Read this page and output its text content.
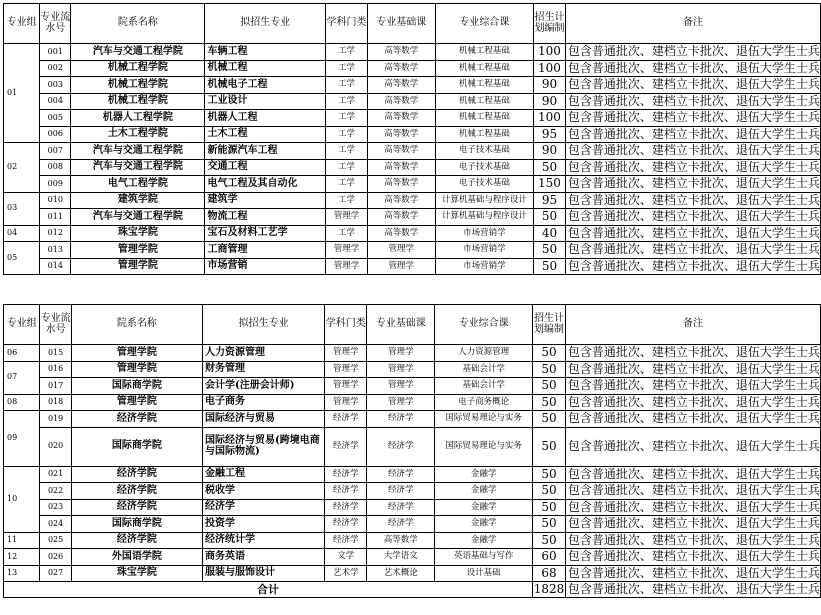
专业组	专业流水号	院系名称	拟招生专业	学科门类	专业基础课	专业综合课	招生计划编制	备注
01	001	汽车与交通工程学院	车辆工程	工学	高等数学	机械工程基础	100	包含普通批次、建档立卡批次、退伍大学生士兵
	002	机械工程学院	机械工程	工学	高等数学	机械工程基础	100	包含普通批次、建档立卡批次、退伍大学生士兵
	003	机械工程学院	机械电子工程	工学	高等数学	机械工程基础	90	包含普通批次、建档立卡批次、退伍大学生士兵
	004	机械工程学院	工业设计	工学	高等数学	机械工程基础	90	包含普通批次、建档立卡批次、退伍大学生士兵
	005	机器人工程学院	机器人工程	工学	高等数学	机械工程基础	100	包含普通批次、建档立卡批次、退伍大学生士兵
	006	土木工程学院	土木工程	工学	高等数学	机械工程基础	95	包含普通批次、建档立卡批次、退伍大学生士兵
02	007	汽车与交通工程学院	新能源汽车工程	工学	高等数学	电子技术基础	90	包含普通批次、建档立卡批次、退伍大学生士兵
	008	汽车与交通工程学院	交通工程	工学	高等数学	电子技术基础	50	包含普通批次、建档立卡批次、退伍大学生士兵
	009	电气工程学院	电气工程及其自动化	工学	高等数学	电子技术基础	150	包含普通批次、建档立卡批次、退伍大学生士兵
03	010	建筑学院	建筑学	工学	高等数学	计算机基础与程序设计	95	包含普通批次、建档立卡批次、退伍大学生士兵
	011	汽车与交通工程学院	物流工程	管理学	高等数学	计算机基础与程序设计	50	包含普通批次、建档立卡批次、退伍大学生士兵
04	012	珠宝学院	宝石及材料工艺学	工学	高等数学	市场营销学	40	包含普通批次、建档立卡批次、退伍大学生士兵
05	013	管理学院	工商管理	管理学	管理学	市场营销学	50	包含普通批次、建档立卡批次、退伍大学生士兵
	014	管理学院	市场营销	管理学	管理学	市场营销学	50	包含普通批次、建档立卡批次、退伍大学生士兵
专业组	专业流水号	院系名称	拟招生专业	学科门类	专业基础课	专业综合课	招生计划编制	备注
06	015	管理学院	人力资源管理	管理学	管理学	人力资源管理	50	包含普通批次、建档立卡批次、退伍大学生士兵
07	016	管理学院	财务管理	管理学	管理学	基础会计学	50	包含普通批次、建档立卡批次、退伍大学生士兵
	017	国际商学院	会计学(注册会计师)	管理学	管理学	基础会计学	50	包含普通批次、建档立卡批次、退伍大学生士兵
08	018	管理学院	电子商务	管理学	管理学	电子商务概论	50	包含普通批次、建档立卡批次、退伍大学生士兵
09	019	经济学院	国际经济与贸易	经济学	经济学	国际贸易理论与实务	50	包含普通批次、建档立卡批次、退伍大学生士兵
	020	国际商学院	国际经济与贸易(跨境电商与国际物流)	经济学	经济学	国际贸易理论与实务	50	包含普通批次、建档立卡批次、退伍大学生士兵
10	021	经济学院	金融工程	经济学	经济学	金融学	50	包含普通批次、建档立卡批次、退伍大学生士兵
	022	经济学院	税收学	经济学	经济学	金融学	50	包含普通批次、建档立卡批次、退伍大学生士兵
	023	经济学院	经济学	经济学	经济学	金融学	50	包含普通批次、建档立卡批次、退伍大学生士兵
	024	国际商学院	投资学	经济学	经济学	金融学	50	包含普通批次、建档立卡批次、退伍大学生士兵
11	025	经济学院	经济统计学	经济学	高等数学	金融学	50	包含普通批次、建档立卡批次、退伍大学生士兵
12	026	外国语学院	商务英语	文学	大学语文	英语基础与写作	60	包含普通批次、建档立卡批次、退伍大学生士兵
13	027	珠宝学院	服装与服饰设计	艺术学	艺术概论	设计基础	68	包含普通批次、建档立卡批次、退伍大学生士兵
合计							1828	包含普通批次、建档立卡批次、退伍大学生士兵
